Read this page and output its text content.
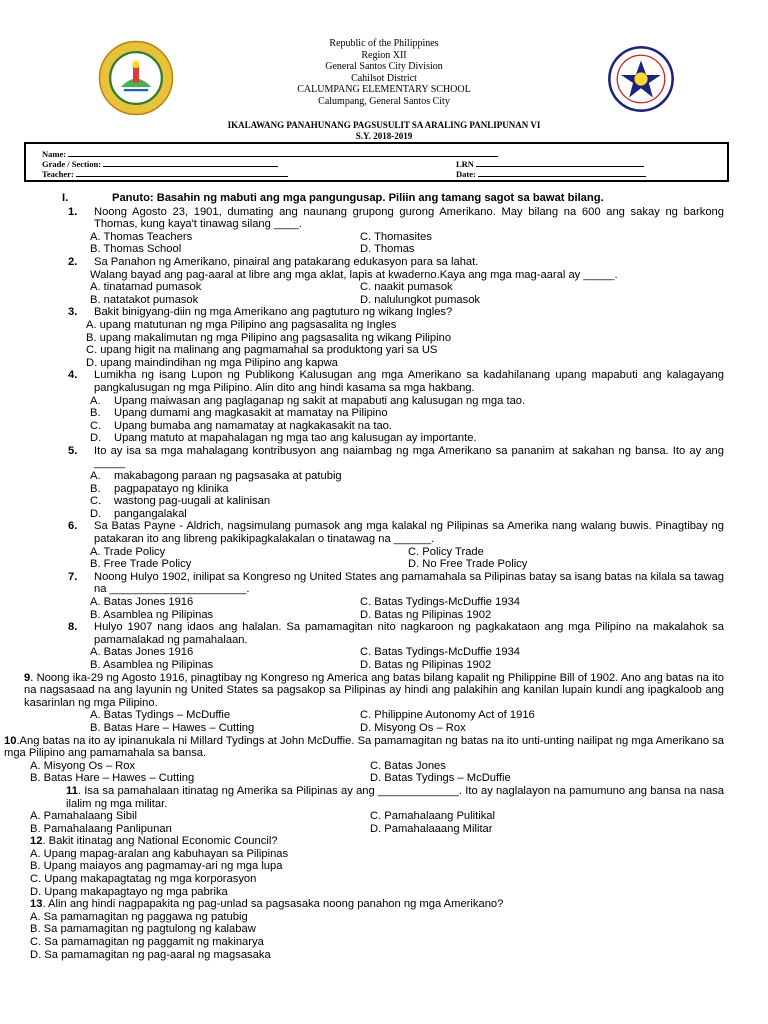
Republic of the Philippines
Region XII
General Santos City Division
Cahilsot District
CALUMPANG ELEMENTARY SCHOOL
Calumpang, General Santos City
IKALAWANG PANAHUNANG PAGSUSULIT SA ARALING PANLIPUNAN VI
S.Y. 2018-2019
Name:
Grade / Section:	LRN
Teacher:	Date:
I.	Panuto: Basahin ng mabuti ang mga pangungusap. Piliin ang tamang sagot sa bawat bilang.
1.	Noong Agosto 23, 1901, dumating ang naunang grupong gurong Amerikano. May bilang na 600 ang sakay ng barkong Thomas, kung kaya't tinawag silang ____.
A. Thomas Teachers	C. Thomasites
B. Thomas School	D. Thomas
2.	Sa Panahon ng Amerikano, pinairal ang patakarang edukasyon para sa lahat.
Walang bayad ang pag-aaral at libre ang mga aklat, lapis at kwaderno.Kaya ang mga mag-aaral ay _____.
A. tinatamad pumasok	C. naakit pumasok
B. natatakot pumasok	D. nalulungkot pumasok
3.	Bakit binigyang-diin ng mga Amerikano ang pagtuturo ng wikang Ingles?
A. upang matutunan ng mga Pilipino ang pagsasalita ng Ingles
B. upang makalimutan ng mga Pilipino ang pagsasalita ng wikang Pilipino
C. upang higit na malinang ang pagmamahal sa produktong yari sa US
D. upang maindindihan ng mga Pilipino ang kapwa
4.	Lumikha ng isang Lupon ng Publikong Kalusugan ang mga Amerikano sa kadahilanang upang mapabuti ang kalagayang pangkalusugan ng mga Pilipino. Alin dito ang hindi kasama sa mga hakbang.
A. Upang maiwasan ang paglaganap ng sakit at mapabuti ang kalusugan ng mga tao.
B. Upang dumami ang magkasakit at mamatay na Pilipino
C. Upang bumaba ang namamatay at nagkakasakit na tao.
D. Upang matuto at mapahalagan ng mga tao ang kalusugan ay importante.
5.	Ito ay isa sa mga mahalagang kontribusyon ang naiambag ng mga Amerikano sa pananim at sakahan ng bansa. Ito ay ang _____
A. makabagong paraan ng pagsasaka at patubig
B. pagpapatayo ng klinika
C. wastong pag-uugali at kalinisan
D. pangangalakal
6.	Sa Batas Payne - Aldrich, nagsimulang pumasok ang mga kalakal ng Pilipinas sa Amerika nang walang buwis. Pinagtibay ng patakaran ito ang libreng pakikipagkalakalan o tinatawag na ______.
A. Trade Policy	C. Policy Trade
B. Free Trade Policy	D. No Free Trade Policy
7.	Noong Hulyo 1902, inilipat sa Kongreso ng United States ang pamamahala sa Pilipinas batay sa isang batas na kilala sa tawag na ______________________.
A. Batas Jones 1916	C. Batas Tydings-McDuffie 1934
B. Asamblea ng Pilipinas	D. Batas ng Pilipinas 1902
8.	Hulyo 1907 nang idaos ang halalan. Sa pamamagitan nito nagkaroon ng pagkakataon ang mga Pilipino na makalahok sa pamamalakad ng pamahalaan.
A. Batas Jones 1916	C. Batas Tydings-McDuffie 1934
B. Asamblea ng Pilipinas	D. Batas ng Pilipinas 1902
9. Noong ika-29 ng Agosto 1916, pinagtibay ng Kongreso ng America ang batas bilang kapalit ng Philippine Bill of 1902. Ano ang batas na ito na nagsasaad na ang layunin ng United States sa pagsakop sa Pilipinas ay hindi ang palakihin ang kanilan lupain kundi ang ipagkaloob ang kasarinlan ng mga Pilipino.
A. Batas Tydings – McDuffie	C. Philippine Autonomy Act of 1916
B. Batas Hare – Hawes – Cutting	D. Misyong Os – Rox
10.Ang batas na ito ay ipinanukala ni Millard Tydings at John McDuffie. Sa pamamagitan ng batas na ito unti-unting nailipat ng mga Amerikano sa mga Pilipino ang pamamahala sa bansa.
A. Misyong Os – Rox	C. Batas Jones
B. Batas Hare – Hawes – Cutting	D. Batas Tydings – McDuffie
11. Isa sa pamahalaan itinatag ng Amerika sa Pilipinas ay ang _____________. Ito ay naglalayon na pamumuno ang bansa na nasa ilalim ng mga militar.
A. Pamahalaang Sibil	C. Pamahalaang Pulitikal
B. Pamahalaang Panlipunan	D. Pamahalaaang Militar
12. Bakit itinatag ang National Economic Council?
A. Upang mapag-aralan ang kabuhayan sa Pilipinas
B. Upang maiayos ang pagmamay-ari ng mga lupa
C. Upang makapagtatag ng mga korporasyon
D. Upang makapagtayo ng mga pabrika
13. Alin ang hindi nagpapakita ng pag-unlad sa pagsasaka noong panahon ng mga Amerikano?
A. Sa pamamagitan ng paggawa ng patubig
B. Sa pamamagitan ng pagtulong ng kalabaw
C. Sa pamamagitan ng paggamit ng makinarya
D. Sa pamamagitan ng pag-aaral ng magsasaka
